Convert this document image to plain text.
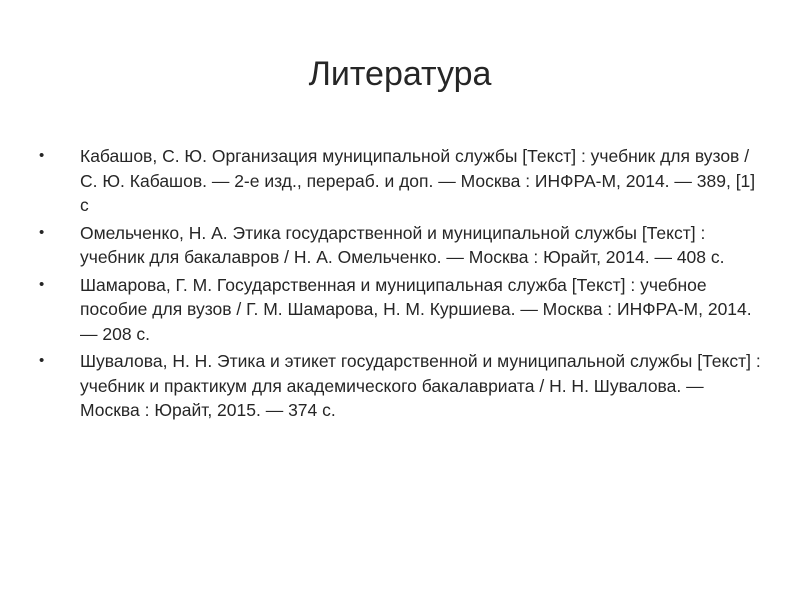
Литература
•	Кабашов, С. Ю. Организация муниципальной службы [Текст] : учебник для вузов / С. Ю. Кабашов. — 2-е изд., перераб. и доп. — Москва : ИНФРА-М, 2014. — 389, [1] с
•	Омельченко, Н. А. Этика государственной и муниципальной службы [Текст] : учебник для бакалавров / Н. А. Омельченко. — Москва : Юрайт, 2014. — 408 с.
•	Шамарова, Г. М. Государственная и муниципальная служба [Текст] : учебное пособие для вузов / Г. М. Шамарова, Н. М. Куршиева. — Москва : ИНФРА-М, 2014. — 208 с.
•	Шувалова, Н. Н. Этика и этикет государственной и муниципальной службы [Текст] : учебник и практикум для академического бакалавриата / Н. Н. Шувалова. — Москва : Юрайт, 2015. — 374 с.
